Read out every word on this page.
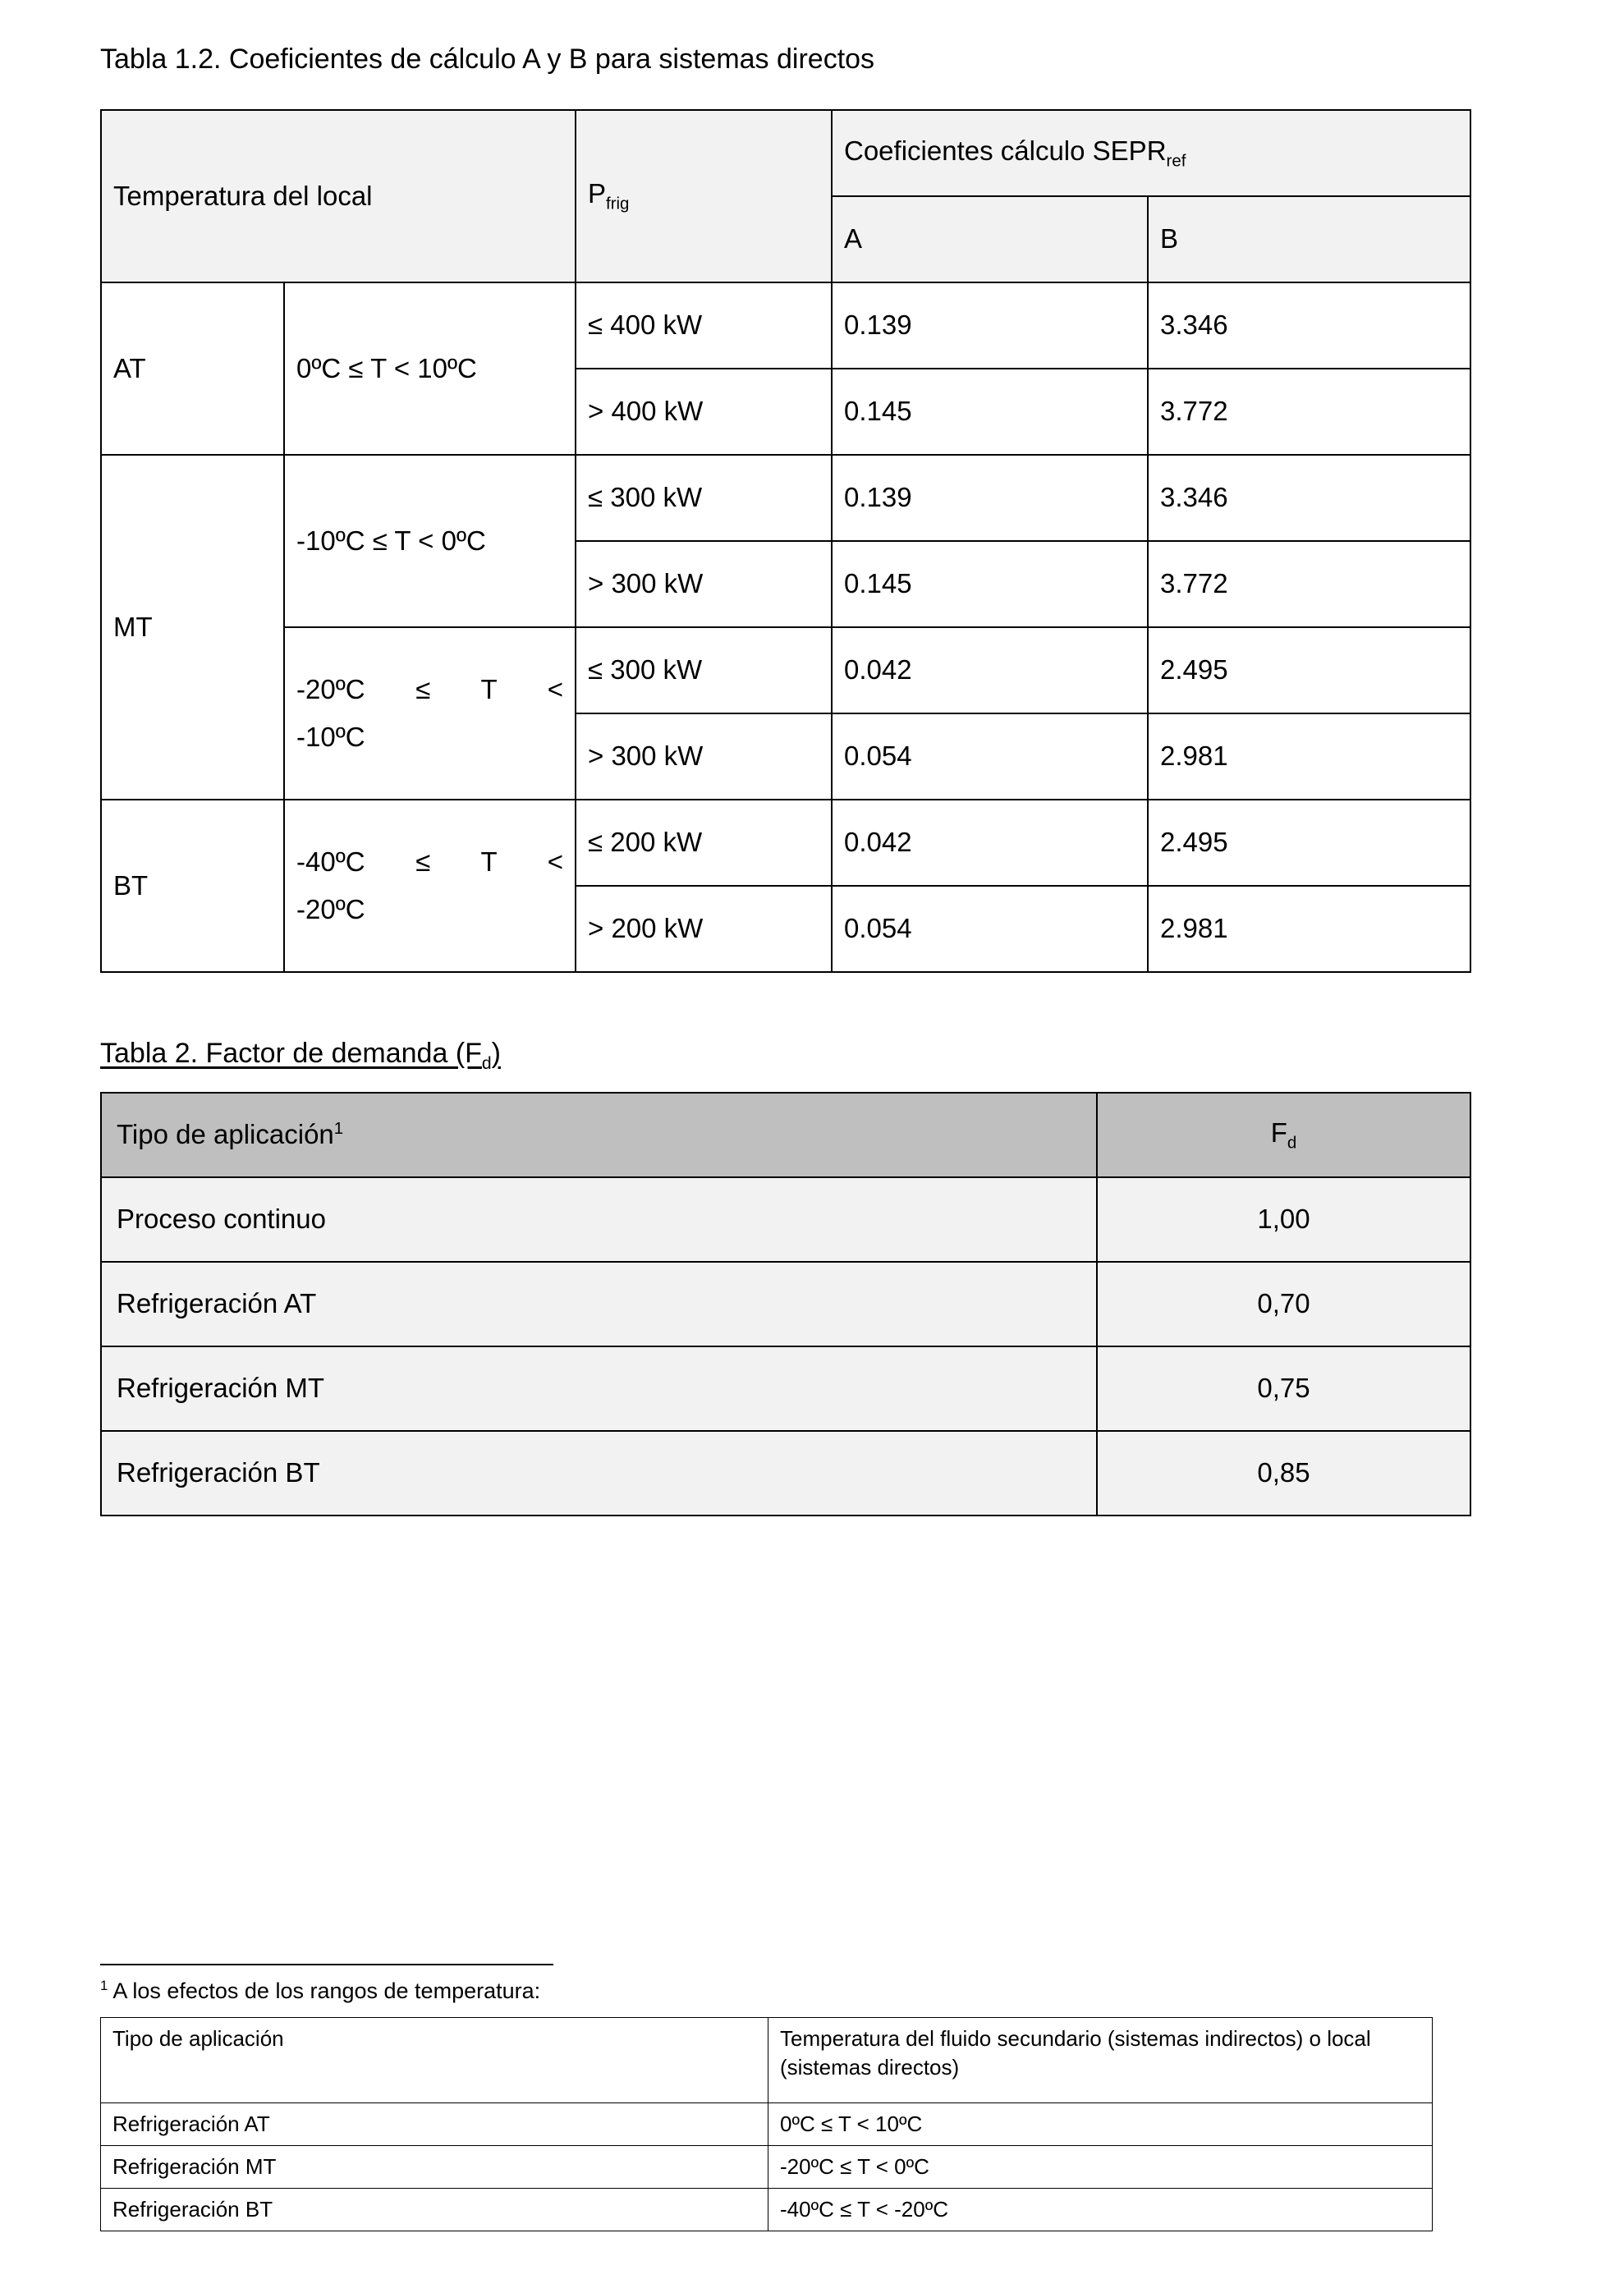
Tabla 1.2. Coeficientes de cálculo A y B para sistemas directos
Temperatura del local		$P_{frig}$	Coeficientes cálculo $SEPR_{ref}$
			A	B
AT	0ºC ≤ T < 10ºC	≤ 400 kW	0.139	3.346
		> 400 kW	0.145	3.772
MT	-10ºC ≤ T < 0ºC	≤ 300 kW	0.139	3.346
		> 300 kW	0.145	3.772
	-20ºC ≤ T < -10ºC	≤ 300 kW	0.042	2.495
		> 300 kW	0.054	2.981
BT	-40ºC ≤ T < -20ºC	≤ 200 kW	0.042	2.495
		> 200 kW	0.054	2.981
Tabla 2. Factor de demanda $(F_d)$
Tipo de aplicación$^1$	$F_d$
Proceso continuo	1,00
Refrigeración AT	0,70
Refrigeración MT	0,75
Refrigeración BT	0,85
$^1$ A los efectos de los rangos de temperatura:
Tipo de aplicación	Temperatura del fluido secundario (sistemas indirectos) o local (sistemas directos)
Refrigeración AT	0ºC ≤ T < 10ºC
Refrigeración MT	-20ºC ≤ T < 0ºC
Refrigeración BT	-40ºC ≤ T < -20ºC
